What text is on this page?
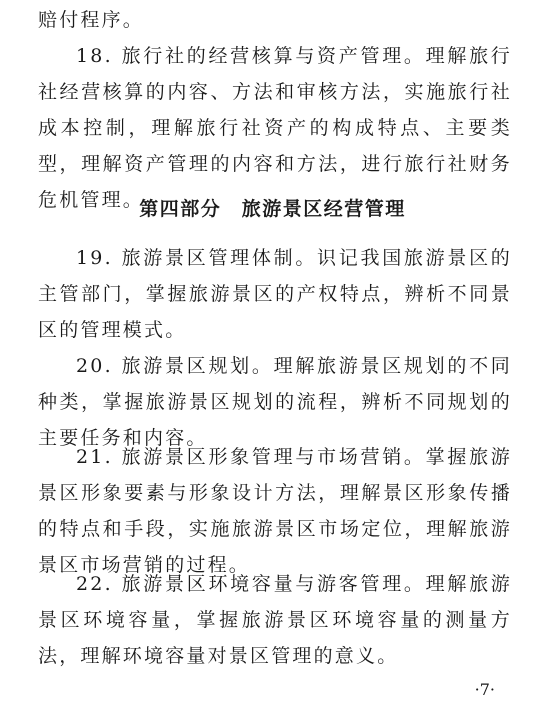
赔付程序。

18. 旅行社的经营核算与资产管理。理解旅行社经营核算的内容、方法和审核方法，实施旅行社成本控制，理解旅行社资产的构成特点、主要类型，理解资产管理的内容和方法，进行旅行社财务危机管理。

第四部分　旅游景区经营管理

19. 旅游景区管理体制。识记我国旅游景区的主管部门，掌握旅游景区的产权特点，辨析不同景区的管理模式。

20. 旅游景区规划。理解旅游景区规划的不同种类，掌握旅游景区规划的流程，辨析不同规划的主要任务和内容。

21. 旅游景区形象管理与市场营销。掌握旅游景区形象要素与形象设计方法，理解景区形象传播的特点和手段，实施旅游景区市场定位，理解旅游景区市场营销的过程。

22. 旅游景区环境容量与游客管理。理解旅游景区环境容量，掌握旅游景区环境容量的测量方法，理解环境容量对景区管理的意义。

·7·
